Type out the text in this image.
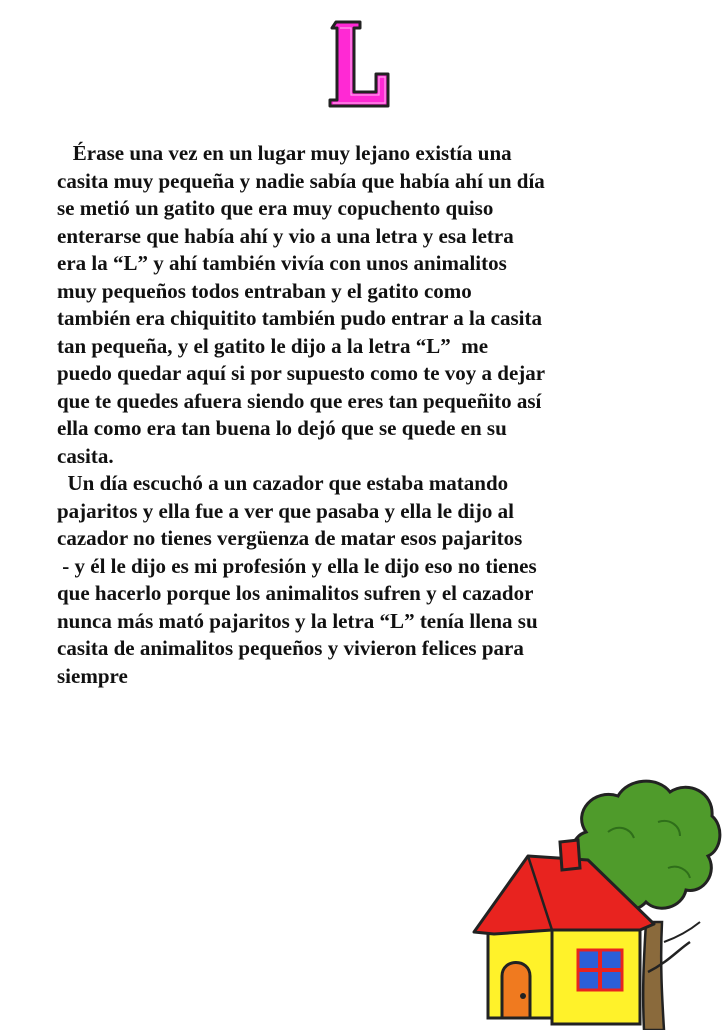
Érase una vez en un lugar muy lejano existía una
casita muy pequeña y nadie sabía que había ahí un día
se metió un gatito que era muy copuchento quiso
enterarse que había ahí y vio a una letra y esa letra
era la “L” y ahí también vivía con unos animalitos
muy pequeños todos entraban y el gatito como
también era chiquitito también pudo entrar a la casita
tan pequeña, y el gatito le dijo a la letra “L”  me
puedo quedar aquí si por supuesto como te voy a dejar
que te quedes afuera siendo que eres tan pequeñito así
ella como era tan buena lo dejó que se quede en su
casita.
Un día escuchó a un cazador que estaba matando
pajaritos y ella fue a ver que pasaba y ella le dijo al
cazador no tienes vergüenza de matar esos pajaritos
- y él le dijo es mi profesión y ella le dijo eso no tienes
que hacerlo porque los animalitos sufren y el cazador
nunca más mató pajaritos y la letra “L” tenía llena su
casita de animalitos pequeños y vivieron felices para
siempre
